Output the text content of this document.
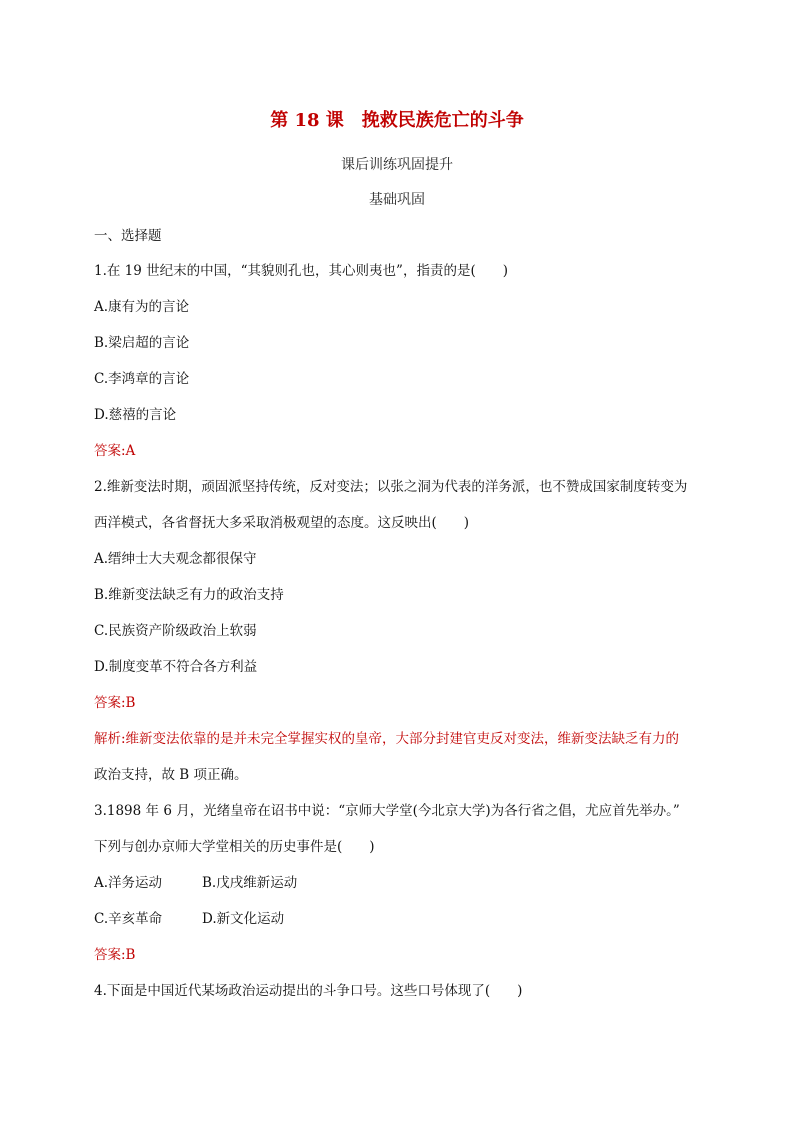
第 18 课　挽救民族危亡的斗争
课后训练巩固提升
基础巩固
一、选择题
1.在 19 世纪末的中国，“其貌则孔也，其心则夷也”，指责的是(　　)
A.康有为的言论
B.梁启超的言论
C.李鸿章的言论
D.慈禧的言论
答案:A
2.维新变法时期，顽固派坚持传统，反对变法；以张之洞为代表的洋务派，也不赞成国家制度转变为
西洋模式，各省督抚大多采取消极观望的态度。这反映出(　　)
A.缙绅士大夫观念都很保守
B.维新变法缺乏有力的政治支持
C.民族资产阶级政治上软弱
D.制度变革不符合各方利益
答案:B
解析:维新变法依靠的是并未完全掌握实权的皇帝，大部分封建官吏反对变法，维新变法缺乏有力的
政治支持，故 B 项正确。
3.1898 年 6 月，光绪皇帝在诏书中说：“京师大学堂(今北京大学)为各行省之倡，尤应首先举办。”
下列与创办京师大学堂相关的历史事件是(　　)
A.洋务运动	B.戊戌维新运动
C.辛亥革命	D.新文化运动
答案:B
4.下面是中国近代某场政治运动提出的斗争口号。这些口号体现了(　　)
